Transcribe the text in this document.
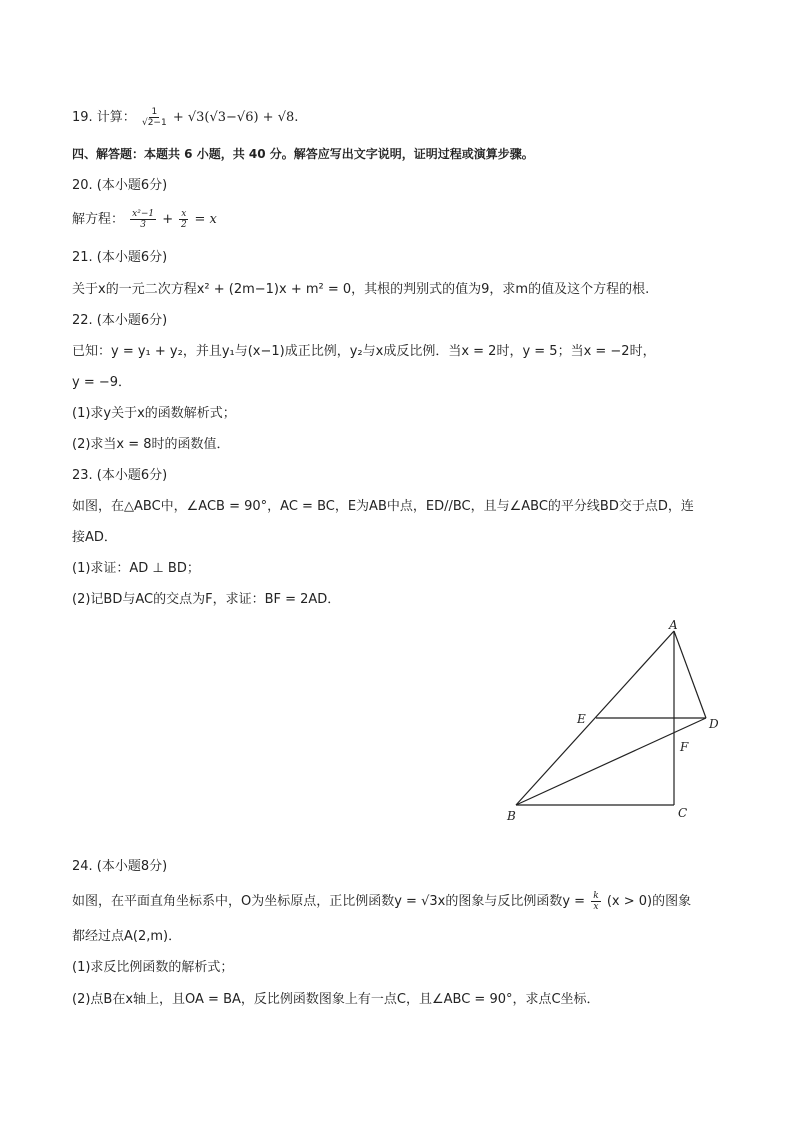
19. 计算： $\frac{1}{√2-1} + √3(√3-√6) + √8$.
四、解答题：本题共 6 小题，共 40 分。解答应写出文字说明，证明过程或演算步骤。
20. (本小题6分)
解方程： $\frac{\text{x²−1}}{3} + \frac{x}{2} = x$
21. (本小题6分)
关于x的一元二次方程x² + (2m−1)x + m² = 0，其根的判别式的值为9，求m的值及这个方程的根.
22. (本小题6分)
已知：y = y₁ + y₂，并且y₁与(x−1)成正比例，y₂与x成反比例．当x = 2时，y = 5；当x = −2时，
y = −9．
(1)求y关于x的函数解析式；
(2)求当x = 8时的函数值．
23. (本小题6分)
如图，在△ABC中，∠ACB = 90°，AC = BC，E为AB中点，ED//BC，且与∠ABC的平分线BD交于点D，连
接AD．
(1)求证：AD ⊥ BD；
(2)记BD与AC的交点为F，求证：BF = 2AD．
A
B	C
D
E
F
24. (本小题8分)
如图，在平面直角坐标系中，O为坐标原点，正比例函数y = √3x的图象与反比例函数$y = \frac{k}{x} (x > 0)$的图象
都经过点A(2,m)．
(1)求反比例函数的解析式；
(2)点B在x轴上，且OA = BA，反比例函数图象上有一点C，且∠ABC = 90°，求点C坐标．
